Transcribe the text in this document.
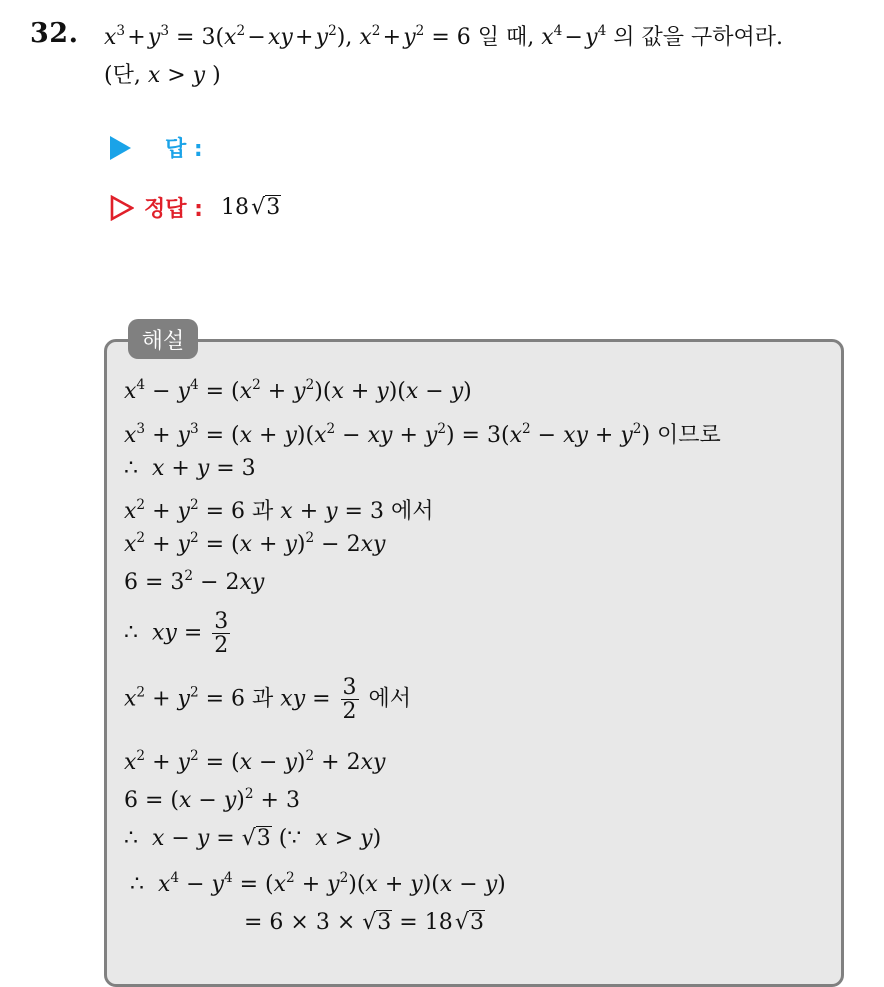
32. $x^3$ + $y^3 = 3(x^2$ − xy + $y^2$), $x^2$ + $y^2 = 6$ 일 때, $x^4$ − $y^4$ 의 값을 구하여라.
(단, x > y )
답 :
정답 : 18  √ 3
해설
$x^4 - y^4 = (x^2 + y^2)(x + y)(x - y)$
$x^3 + y^3 = (x + y)(x^2$ − xy + $y^2) = 3(x^2$ − xy + $y^2$) 이므로
∴  x + y = 3
$x^2 + y^2 = 6$ 과 x + y = 3 에서
$x^2 + y^2 = (x + y)^2 - 2xy$
$6 = 3^2 - 2xy$
∴  xy = $\frac{3}{2}$
$x^2 + y^2 = 6$ 과 xy = $\frac{3}{2}$ 에서
$x^2 + y^2 = (x - y)^2 + 2xy$
$6 = (x - y)^2 + 3$
∴  x − y = √ 3 (∵  x > y)
∴  $x^4 - y^4 = (x^2 + y^2)(x + y)(x - y)$
= 6 × 3 × √ 3 = 18  √ 3
